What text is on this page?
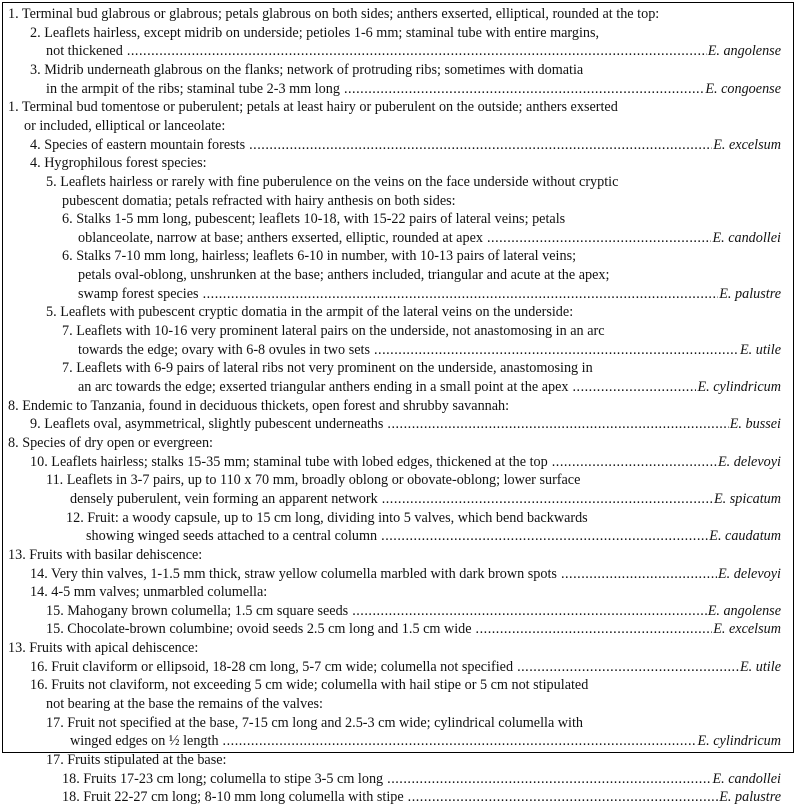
1. Terminal bud glabrous or glabrous; petals glabrous on both sides; anthers exserted, elliptical, rounded at the top:
2. Leaflets hairless, except midrib on underside; petioles 1-6 mm; staminal tube with entire margins,
not thickened .....	E. angolense
3. Midrib underneath glabrous on the flanks; network of protruding ribs; sometimes with domatia
in the armpit of the ribs; staminal tube 2-3 mm long .....	E. congoense
1. Terminal bud tomentose or puberulent; petals at least hairy or puberulent on the outside; anthers exserted
or included, elliptical or lanceolate:
4. Species of eastern mountain forests .....	E. excelsum
4. Hygrophilous forest species:
5. Leaflets hairless or rarely with fine puberulence on the veins on the face underside without cryptic
pubescent domatia; petals refracted with hairy anthesis on both sides:
6. Stalks 1-5 mm long, pubescent; leaflets 10-18, with 15-22 pairs of lateral veins; petals
oblanceolate, narrow at base; anthers exserted, elliptic, rounded at apex .....	E. candollei
6. Stalks 7-10 mm long, hairless; leaflets 6-10 in number, with 10-13 pairs of lateral veins;
petals oval-oblong, unshrunken at the base; anthers included, triangular and acute at the apex;
swamp forest species .....	E. palustre
5. Leaflets with pubescent cryptic domatia in the armpit of the lateral veins on the underside:
7. Leaflets with 10-16 very prominent lateral pairs on the underside, not anastomosing in an arc
towards the edge; ovary with 6-8 ovules in two sets .....	E. utile
7. Leaflets with 6-9 pairs of lateral ribs not very prominent on the underside, anastomosing in
an arc towards the edge; exserted triangular anthers ending in a small point at the apex .....	E. cylindricum
8. Endemic to Tanzania, found in deciduous thickets, open forest and shrubby savannah:
9. Leaflets oval, asymmetrical, slightly pubescent underneaths .....	E. bussei
8. Species of dry open or evergreen:
10. Leaflets hairless; stalks 15-35 mm; staminal tube with lobed edges, thickened at the top .....	E. delevoyi
11. Leaflets in 3-7 pairs, up to 110 x 70 mm, broadly oblong or obovate-oblong; lower surface
densely puberulent, vein forming an apparent network .....	E. spicatum
12. Fruit: a woody capsule, up to 15 cm long, dividing into 5 valves, which bend backwards
showing winged seeds attached to a central column .....	E. caudatum
13. Fruits with basilar dehiscence:
14. Very thin valves, 1-1.5 mm thick, straw yellow columella marbled with dark brown spots .....	E. delevoyi
14. 4-5 mm valves; unmarbled columella:
15. Mahogany brown columella; 1.5 cm square seeds .....	E. angolense
15. Chocolate-brown columbine; ovoid seeds 2.5 cm long and 1.5 cm wide .....	E. excelsum
13. Fruits with apical dehiscence:
16. Fruit claviform or ellipsoid, 18-28 cm long, 5-7 cm wide; columella not specified .....	E. utile
16. Fruits not claviform, not exceeding 5 cm wide; columella with hail stipe or 5 cm not stipulated
not bearing at the base the remains of the valves:
17. Fruit not specified at the base, 7-15 cm long and 2.5-3 cm wide; cylindrical columella with
winged edges on ½ length .....	E. cylindricum
17. Fruits stipulated at the base:
18. Fruits 17-23 cm long; columella to stipe 3-5 cm long .....	E. candollei
18. Fruit 22-27 cm long; 8-10 mm long columella with stipe .....	E. palustre
